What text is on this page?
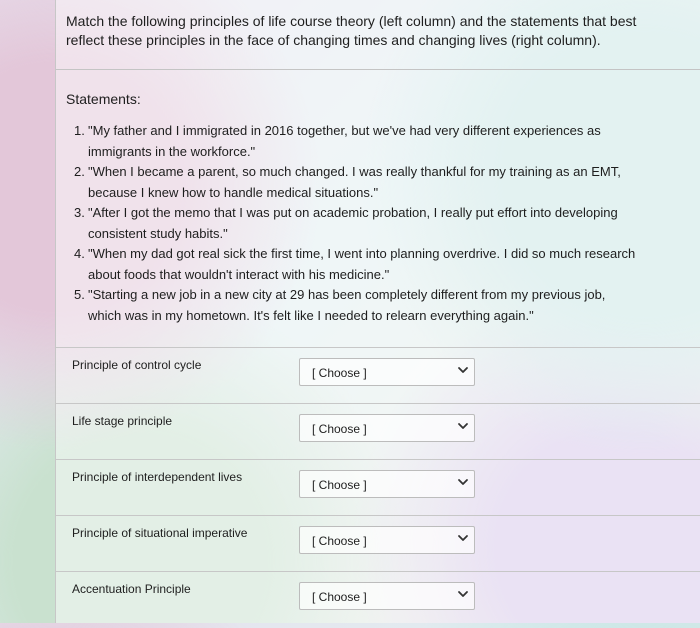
Match the following principles of life course theory (left column) and the statements that best
reflect these principles in the face of changing times and changing lives (right column).
Statements:
1. "My father and I immigrated in 2016 together, but we've had very different experiences as
immigrants in the workforce."
2. "When I became a parent, so much changed. I was really thankful for my training as an EMT,
because I knew how to handle medical situations."
3. "After I got the memo that I was put on academic probation, I really put effort into developing
consistent study habits."
4. "When my dad got real sick the first time, I went into planning overdrive. I did so much research
about foods that wouldn't interact with his medicine."
5. "Starting a new job in a new city at 29 has been completely different from my previous job,
which was in my hometown. It's felt like I needed to relearn everything again."
Principle of control cycle
[ Choose ]
Life stage principle
[ Choose ]
Principle of interdependent lives
[ Choose ]
Principle of situational imperative
[ Choose ]
Accentuation Principle
[ Choose ]
